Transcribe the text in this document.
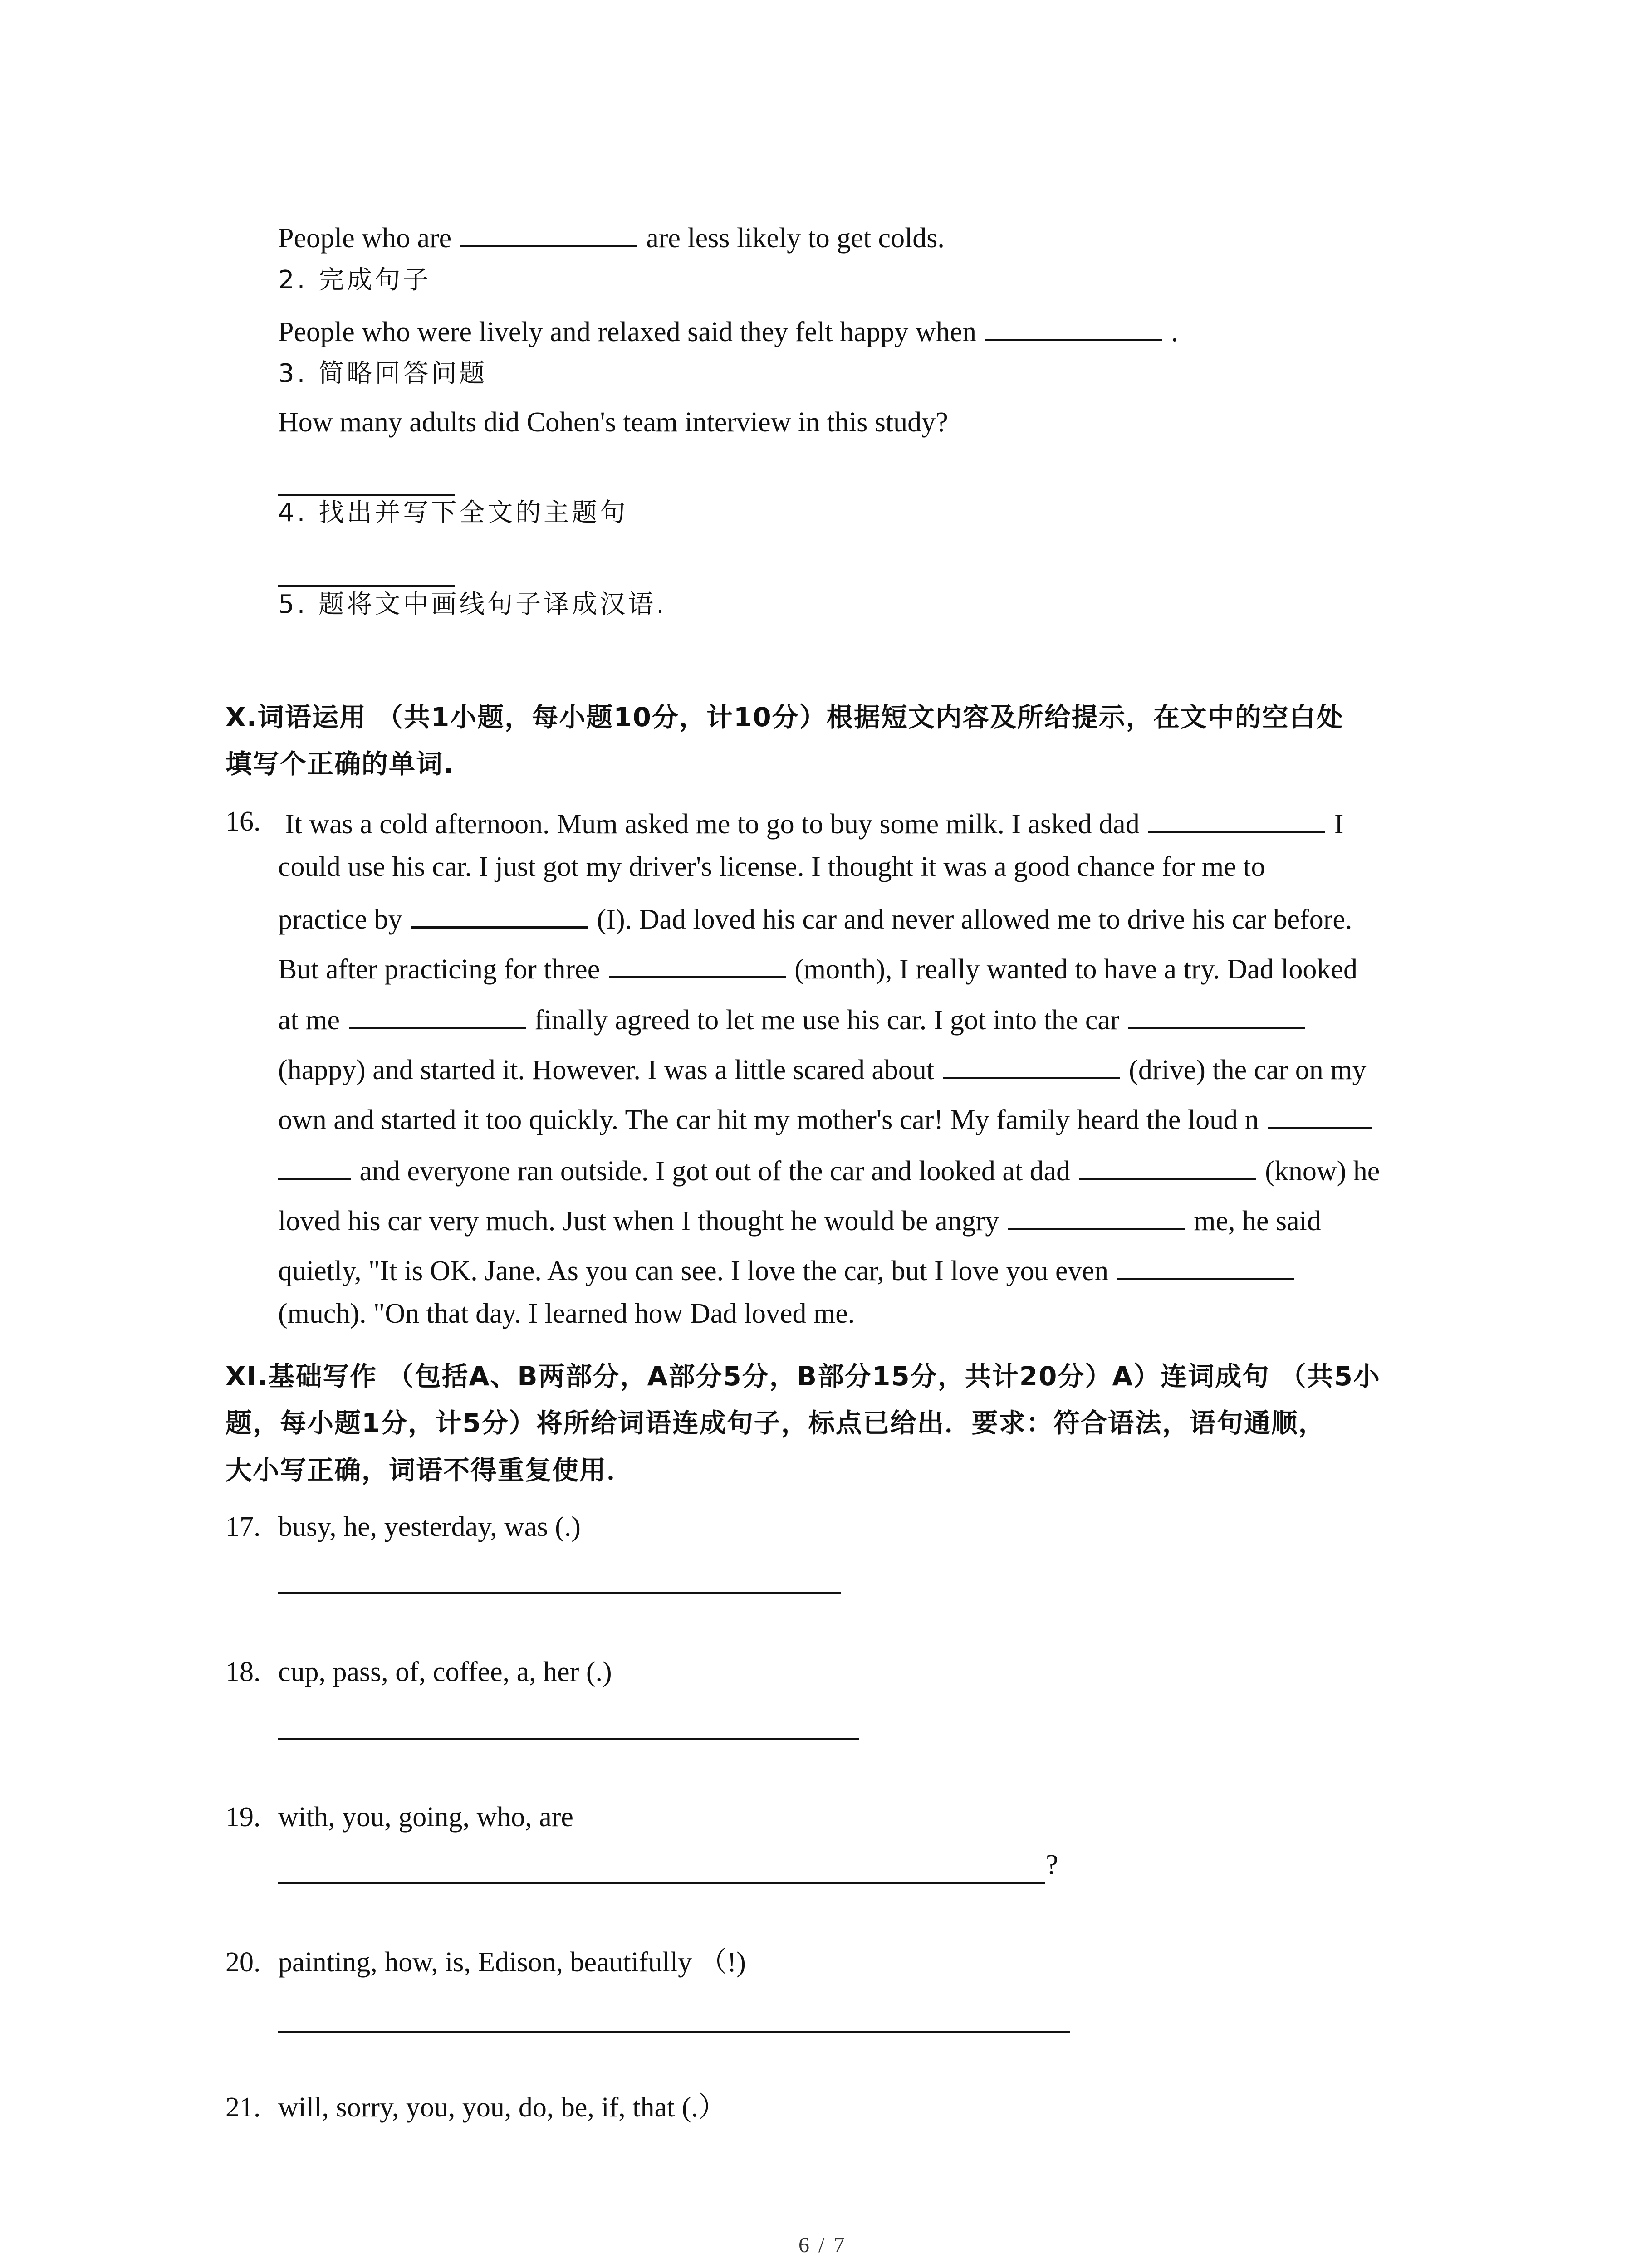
People who are	are less likely to get colds.
2. 完成句子
People who were lively and relaxed said they felt happy when	.
3. 简略回答问题
How many adults did Cohen's team interview in this study?
4. 找出并写下全文的主题句
5. 题将文中画线句子译成汉语.
X.词语运用 （共1小题，每小题10分，计10分）根据短文内容及所给提示，在文中的空白处
填写个正确的单词.
16. It was a cold afternoon. Mum asked me to go to buy some milk. I asked dad	I
could use his car. I just got my driver's license. I thought it was a good chance for me to
practice by	(I). Dad loved his car and never allowed me to drive his car before.
But after practicing for three	(month), I really wanted to have a try. Dad looked
at me	finally agreed to let me use his car. I got into the car
(happy) and started it. However. I was a little scared about	(drive) the car on my
own and started it too quickly. The car hit my mother's car! My family heard the loud n
and everyone ran outside. I got out of the car and looked at dad	(know) he
loved his car very much. Just when I thought he would be angry	me, he said
quietly, "It is OK. Jane. As you can see. I love the car, but I love you even
(much). "On that day. I learned how Dad loved me.
XI.基础写作 （包括A、B两部分，A部分5分，B部分15分，共计20分）A）连词成句 （共5小
题，每小题1分，计5分）将所给词语连成句子，标点已给出．要求：符合语法，语句通顺，
大小写正确，词语不得重复使用．
17. busy, he, yesterday, was (.)
18. cup, pass, of, coffee, a, her (.)
19. with, you, going, who, are
?
20. painting, how, is, Edison, beautifully （!)
21. will, sorry, you, you, do, be, if, that (.）
6 / 7
